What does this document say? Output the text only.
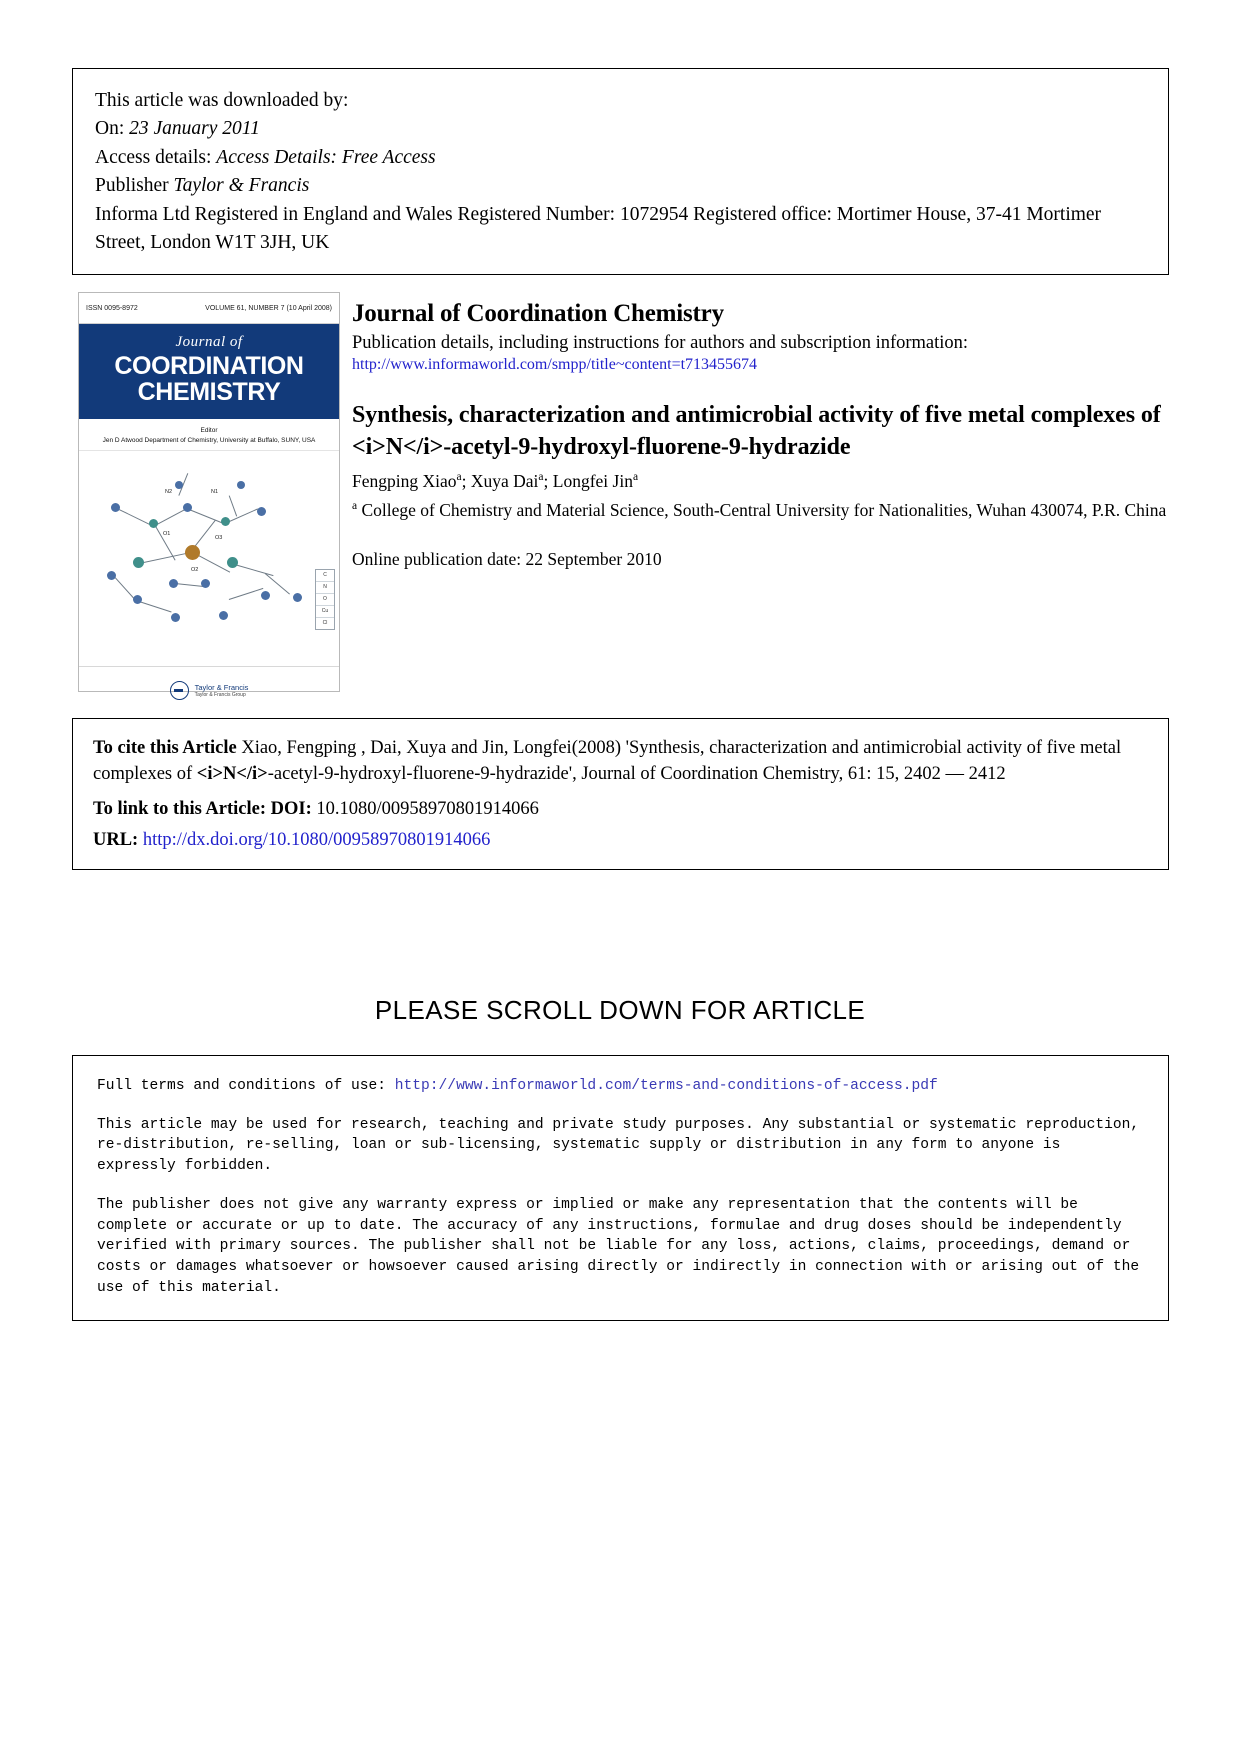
This article was downloaded by:
On: 23 January 2011
Access details: Access Details: Free Access
Publisher Taylor & Francis
Informa Ltd Registered in England and Wales Registered Number: 1072954 Registered office: Mortimer House, 37-41 Mortimer Street, London W1T 3JH, UK
ISSN 0095-8972	VOLUME 61, NUMBER 7 (10 April 2008)
Journal of
COORDINATION
CHEMISTRY
Editor
Jen D Atwood Department of Chemistry, University at Buffalo, SUNY, USA
N2	N1
O1
O3
O2
C
N
O
Cu
Cl
Taylor & Francis
Taylor & Francis Group
Journal of Coordination Chemistry
Publication details, including instructions for authors and subscription information:
http://www.informaworld.com/smpp/title~content=t713455674
Synthesis, characterization and antimicrobial activity of five metal complexes of <i>N</i>-acetyl-9-hydroxyl-fluorene-9-hydrazide
Fengping Xiao$^a$; Xuya Dai$^a$; Longfei Jin$^a$
$^a$ College of Chemistry and Material Science, South-Central University for Nationalities, Wuhan 430074, P.R. China
Online publication date: 22 September 2010
To cite this Article Xiao, Fengping , Dai, Xuya and Jin, Longfei(2008) 'Synthesis, characterization and antimicrobial activity of five metal complexes of <i>N</i>-acetyl-9-hydroxyl-fluorene-9-hydrazide', Journal of Coordination Chemistry, 61: 15, 2402 — 2412
To link to this Article: DOI: 10.1080/00958970801914066
URL: http://dx.doi.org/10.1080/00958970801914066
PLEASE SCROLL DOWN FOR ARTICLE

Full terms and conditions of use: http://www.informaworld.com/terms-and-conditions-of-access.pdf

This article may be used for research, teaching and private study purposes. Any substantial or systematic reproduction, re-distribution, re-selling, loan or sub-licensing, systematic supply or distribution in any form to anyone is expressly forbidden.

The publisher does not give any warranty express or implied or make any representation that the contents will be complete or accurate or up to date. The accuracy of any instructions, formulae and drug doses should be independently verified with primary sources. The publisher shall not be liable for any loss, actions, claims, proceedings, demand or costs or damages whatsoever or howsoever caused arising directly or indirectly in connection with or arising out of the use of this material.
